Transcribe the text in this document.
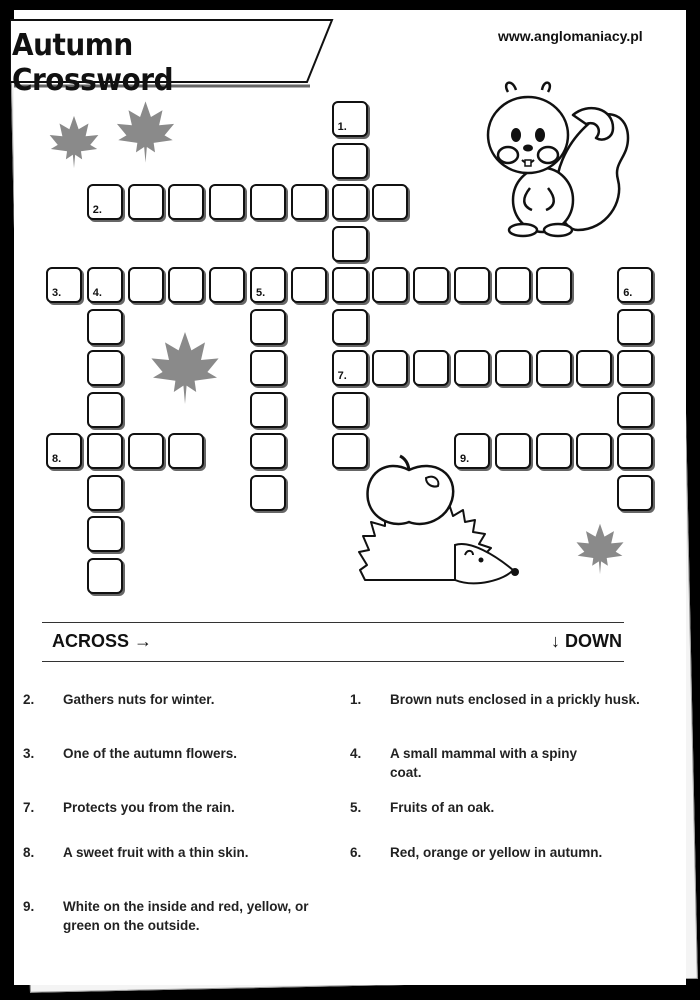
Autumn Crossword
www.anglomaniacy.pl
1.
7.
2.
3.	4.	5.	6.
8.	9.
ACROSS →	↓ DOWN
2. Gathers nuts for winter.
3. One of the autumn flowers.
7. Protects you from the rain.
8. A sweet fruit with a thin skin.
9. White on the inside and red, yellow, or green on the outside.
1. Brown nuts enclosed in a prickly husk.
4. A small mammal with a spiny coat.
5. Fruits of an oak.
6. Red, orange or yellow in autumn.
